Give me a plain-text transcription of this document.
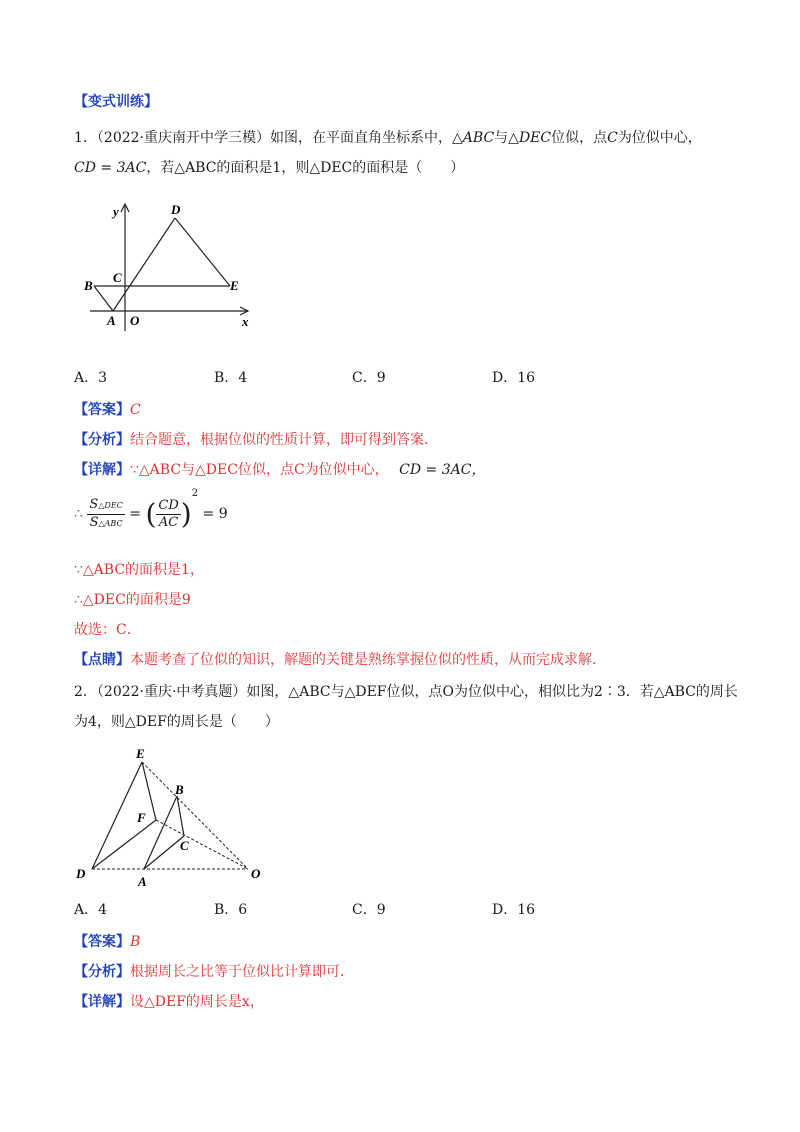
【变式训练】
1．（2022·重庆南开中学三模）如图，在平面直角坐标系中，△ABC与△DEC位似，点C为位似中心，
CD = 3AC，若△ABC的面积是1，则△DEC的面积是（　　）
y
x
D
C
E
B
A O
A．3	B．4	C．9	D．16
【答案】C
【分析】结合题意，根据位似的性质计算，即可得到答案．
【详解】∵△ABC与△DEC位似，点C为位似中心， CD = 3AC，
∴ $\frac{\text{S△DEC}}{\text{S△ABC}}$ = ( $\frac{CD}{AC} )^2 = 9$
∵△ABC的面积是1，
∴△DEC的面积是9
故选：C．
【点睛】本题考查了位似的知识，解题的关键是熟练掌握位似的性质，从而完成求解．
2．（2022·重庆·中考真题）如图，△ABC与△DEF位似，点O为位似中心，相似比为2∶3．若△ABC的周长
为4，则△DEF的周长是（　　）
E
B
F
C
D
A
O
A．4	B．6	C．9	D．16
【答案】B
【分析】根据周长之比等于位似比计算即可．
【详解】设△DEF的周长是x，
